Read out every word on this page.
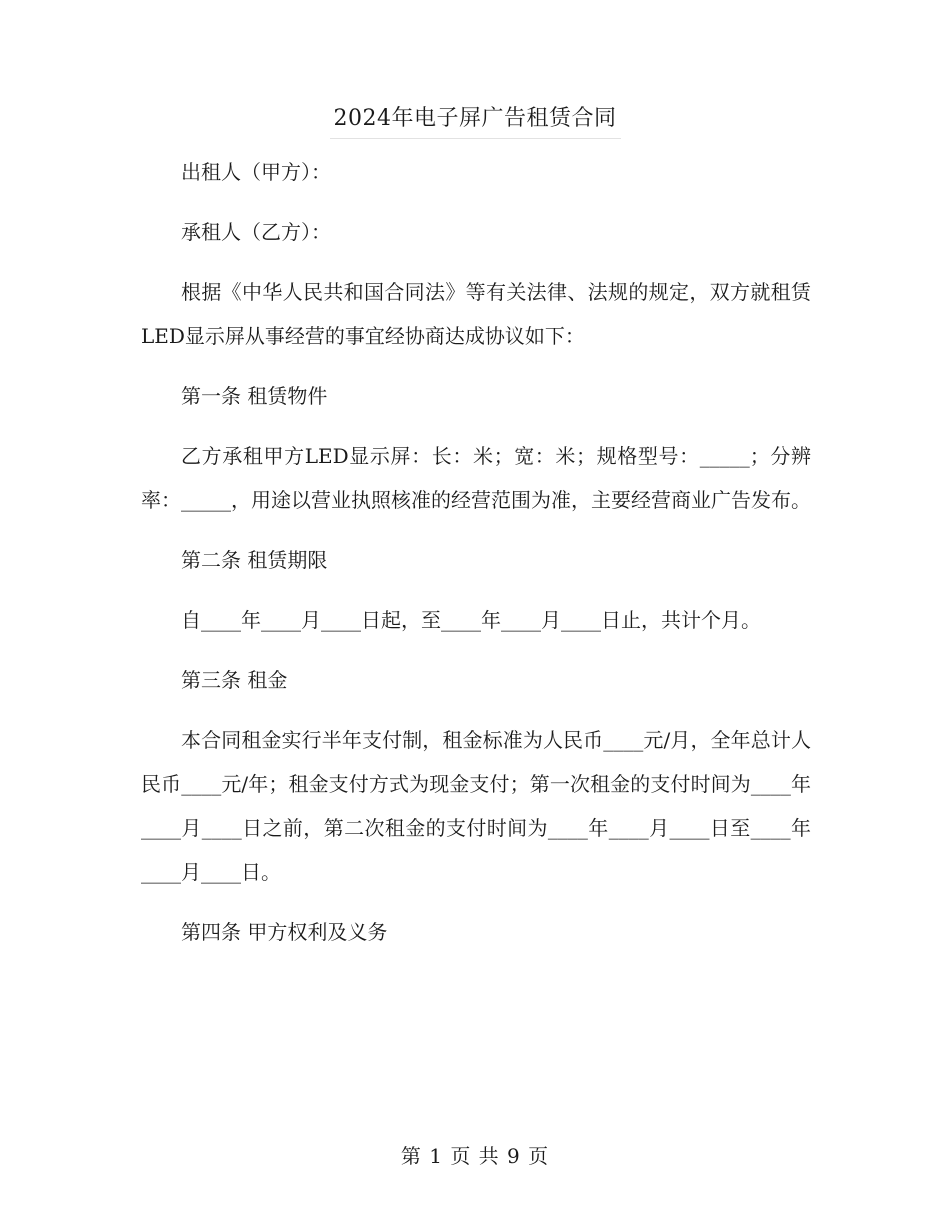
2024年电子屏广告租赁合同

出租人（甲方）：

承租人（乙方）：

根据《中华人民共和国合同法》等有关法律、法规的规定，双方就租赁LED显示屏从事经营的事宜经协商达成协议如下：

第一条 租赁物件

乙方承租甲方LED显示屏：长：米；宽：米；规格型号：_____；分辨率：_____，用途以营业执照核准的经营范围为准，主要经营商业广告发布。

第二条 租赁期限

自____年____月____日起，至____年____月____日止，共计个月。

第三条 租金

本合同租金实行半年支付制，租金标准为人民币____元/月，全年总计人民币____元/年；租金支付方式为现金支付；第一次租金的支付时间为____年____月____日之前，第二次租金的支付时间为____年____月____日至____年____月____日。

第四条 甲方权利及义务

第 1 页 共 9 页
